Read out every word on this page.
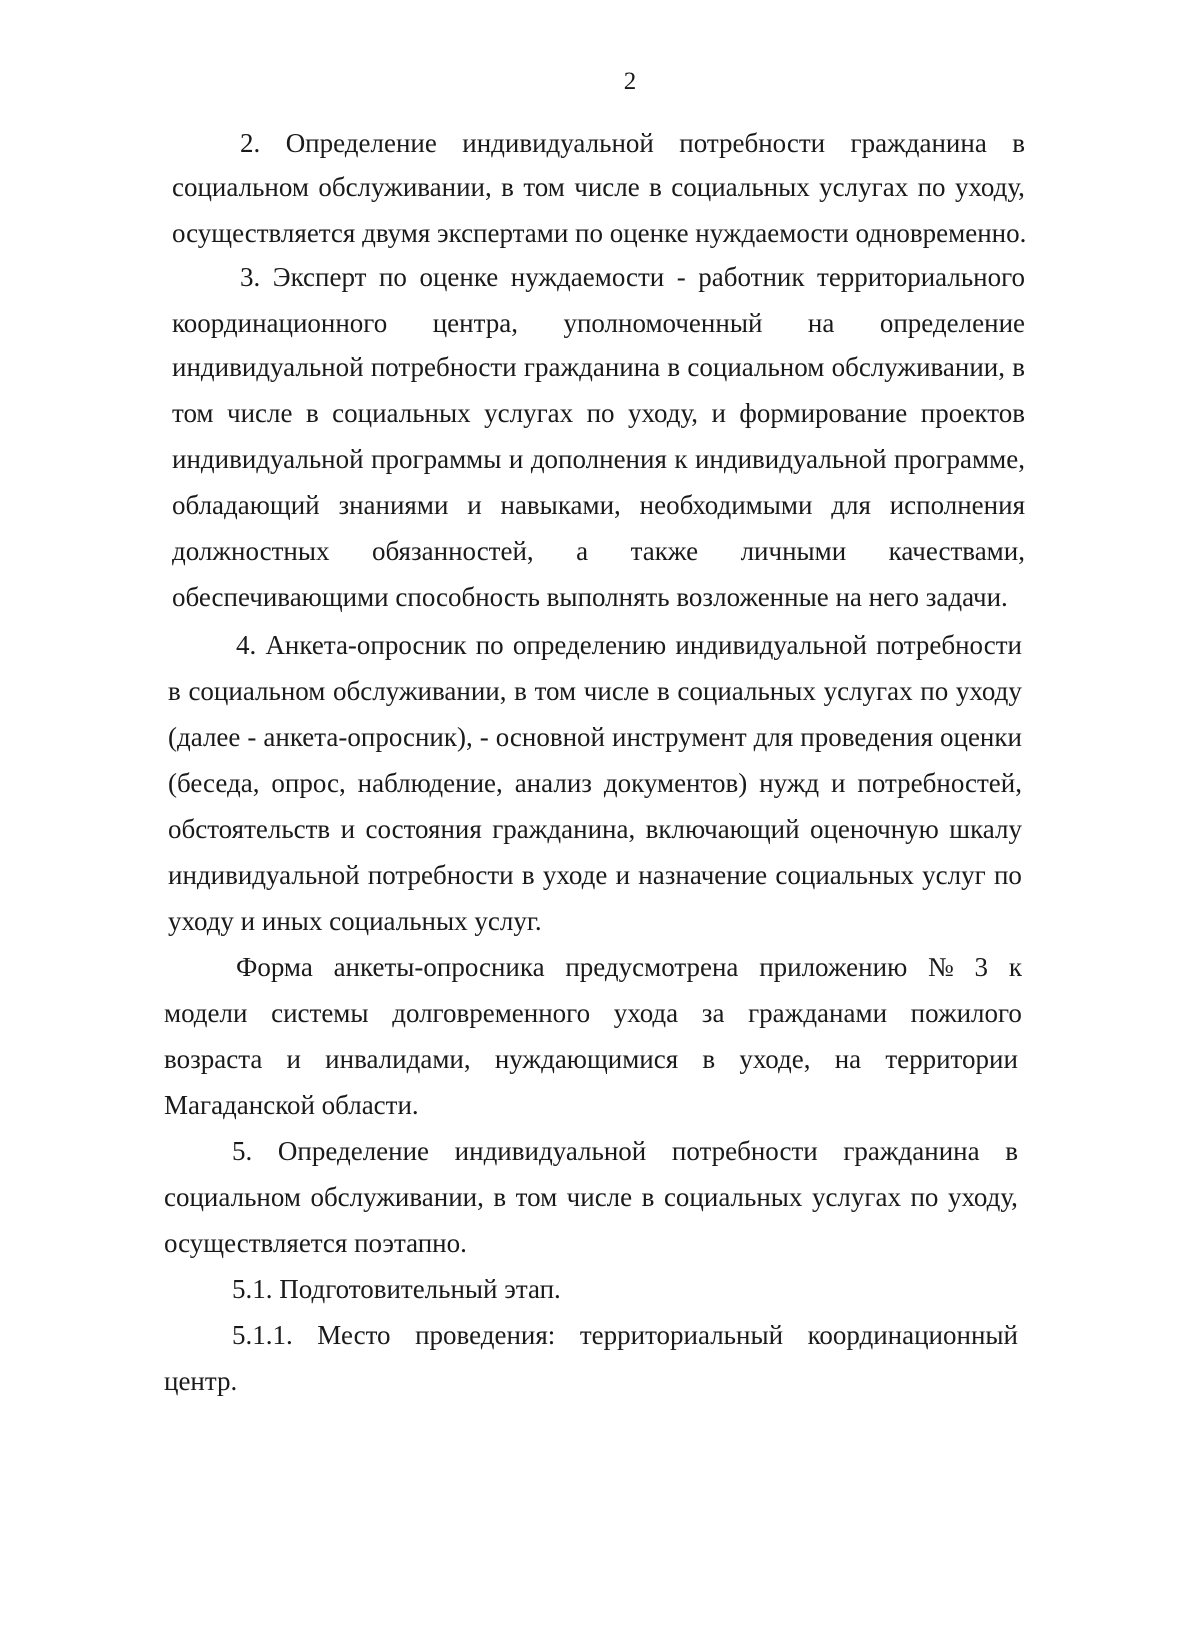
2
2. Определение индивидуальной потребности гражданина в
социальном обслуживании, в том числе в социальных услугах по уходу,
осуществляется двумя экспертами по оценке нуждаемости одновременно.
3. Эксперт по оценке нуждаемости - работник территориального
координационного центра, уполномоченный на определение
индивидуальной потребности гражданина в социальном обслуживании, в
том числе в социальных услугах по уходу, и формирование проектов
индивидуальной программы и дополнения к индивидуальной программе,
обладающий знаниями и навыками, необходимыми для исполнения
должностных обязанностей, а также личными качествами,
обеспечивающими способность выполнять возложенные на него задачи.
4. Анкета-опросник по определению индивидуальной потребности
в социальном обслуживании, в том числе в социальных услугах по уходу
(далее - анкета-опросник), - основной инструмент для проведения оценки
(беседа, опрос, наблюдение, анализ документов) нужд и потребностей,
обстоятельств и состояния гражданина, включающий оценочную шкалу
индивидуальной потребности в уходе и назначение социальных услуг по
уходу и иных социальных услуг.
Форма анкеты-опросника предусмотрена приложению № 3 к
модели системы долговременного ухода за гражданами пожилого
возраста и инвалидами, нуждающимися в уходе, на территории
Магаданской области.
5. Определение индивидуальной потребности гражданина в
социальном обслуживании, в том числе в социальных услугах по уходу,
осуществляется поэтапно.
5.1. Подготовительный этап.
5.1.1. Место проведения: территориальный координационный
центр.
